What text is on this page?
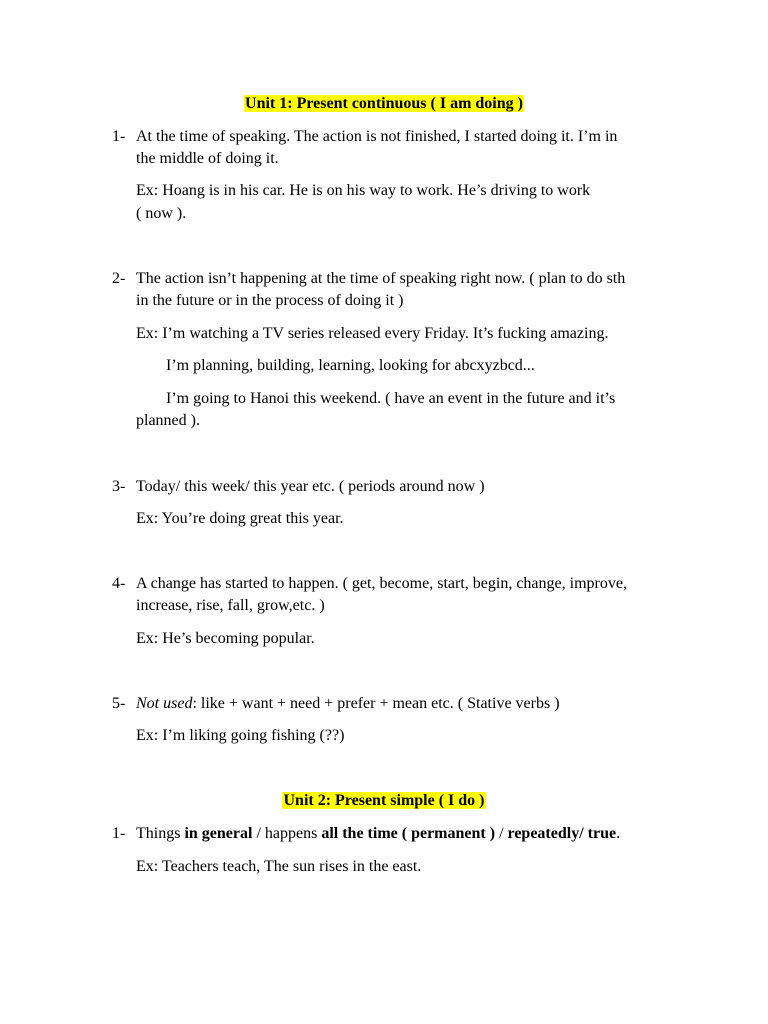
Unit 1: Present continuous ( I am doing )
1- At the time of speaking. The action is not finished, I started doing it. I’m in
the middle of doing it.
Ex: Hoang is in his car. He is on his way to work. He’s driving to work
( now ).
2- The action isn’t happening at the time of speaking right now. ( plan to do sth
in the future or in the process of doing it )
Ex: I’m watching a TV series released every Friday. It’s fucking amazing.
I’m planning, building, learning, looking for abcxyzbcd...
I’m going to Hanoi this weekend. ( have an event in the future and it’s
planned ).
3- Today/ this week/ this year etc. ( periods around now )
Ex: You’re doing great this year.
4- A change has started to happen. ( get, become, start, begin, change, improve,
increase, rise, fall, grow,etc. )
Ex: He’s becoming popular.
5- Not used: like + want + need + prefer + mean etc. ( Stative verbs )
Ex: I’m liking going fishing (??)
Unit 2: Present simple ( I do )
1- Things in general / happens all the time ( permanent ) / repeatedly/ true.
Ex: Teachers teach, The sun rises in the east.
